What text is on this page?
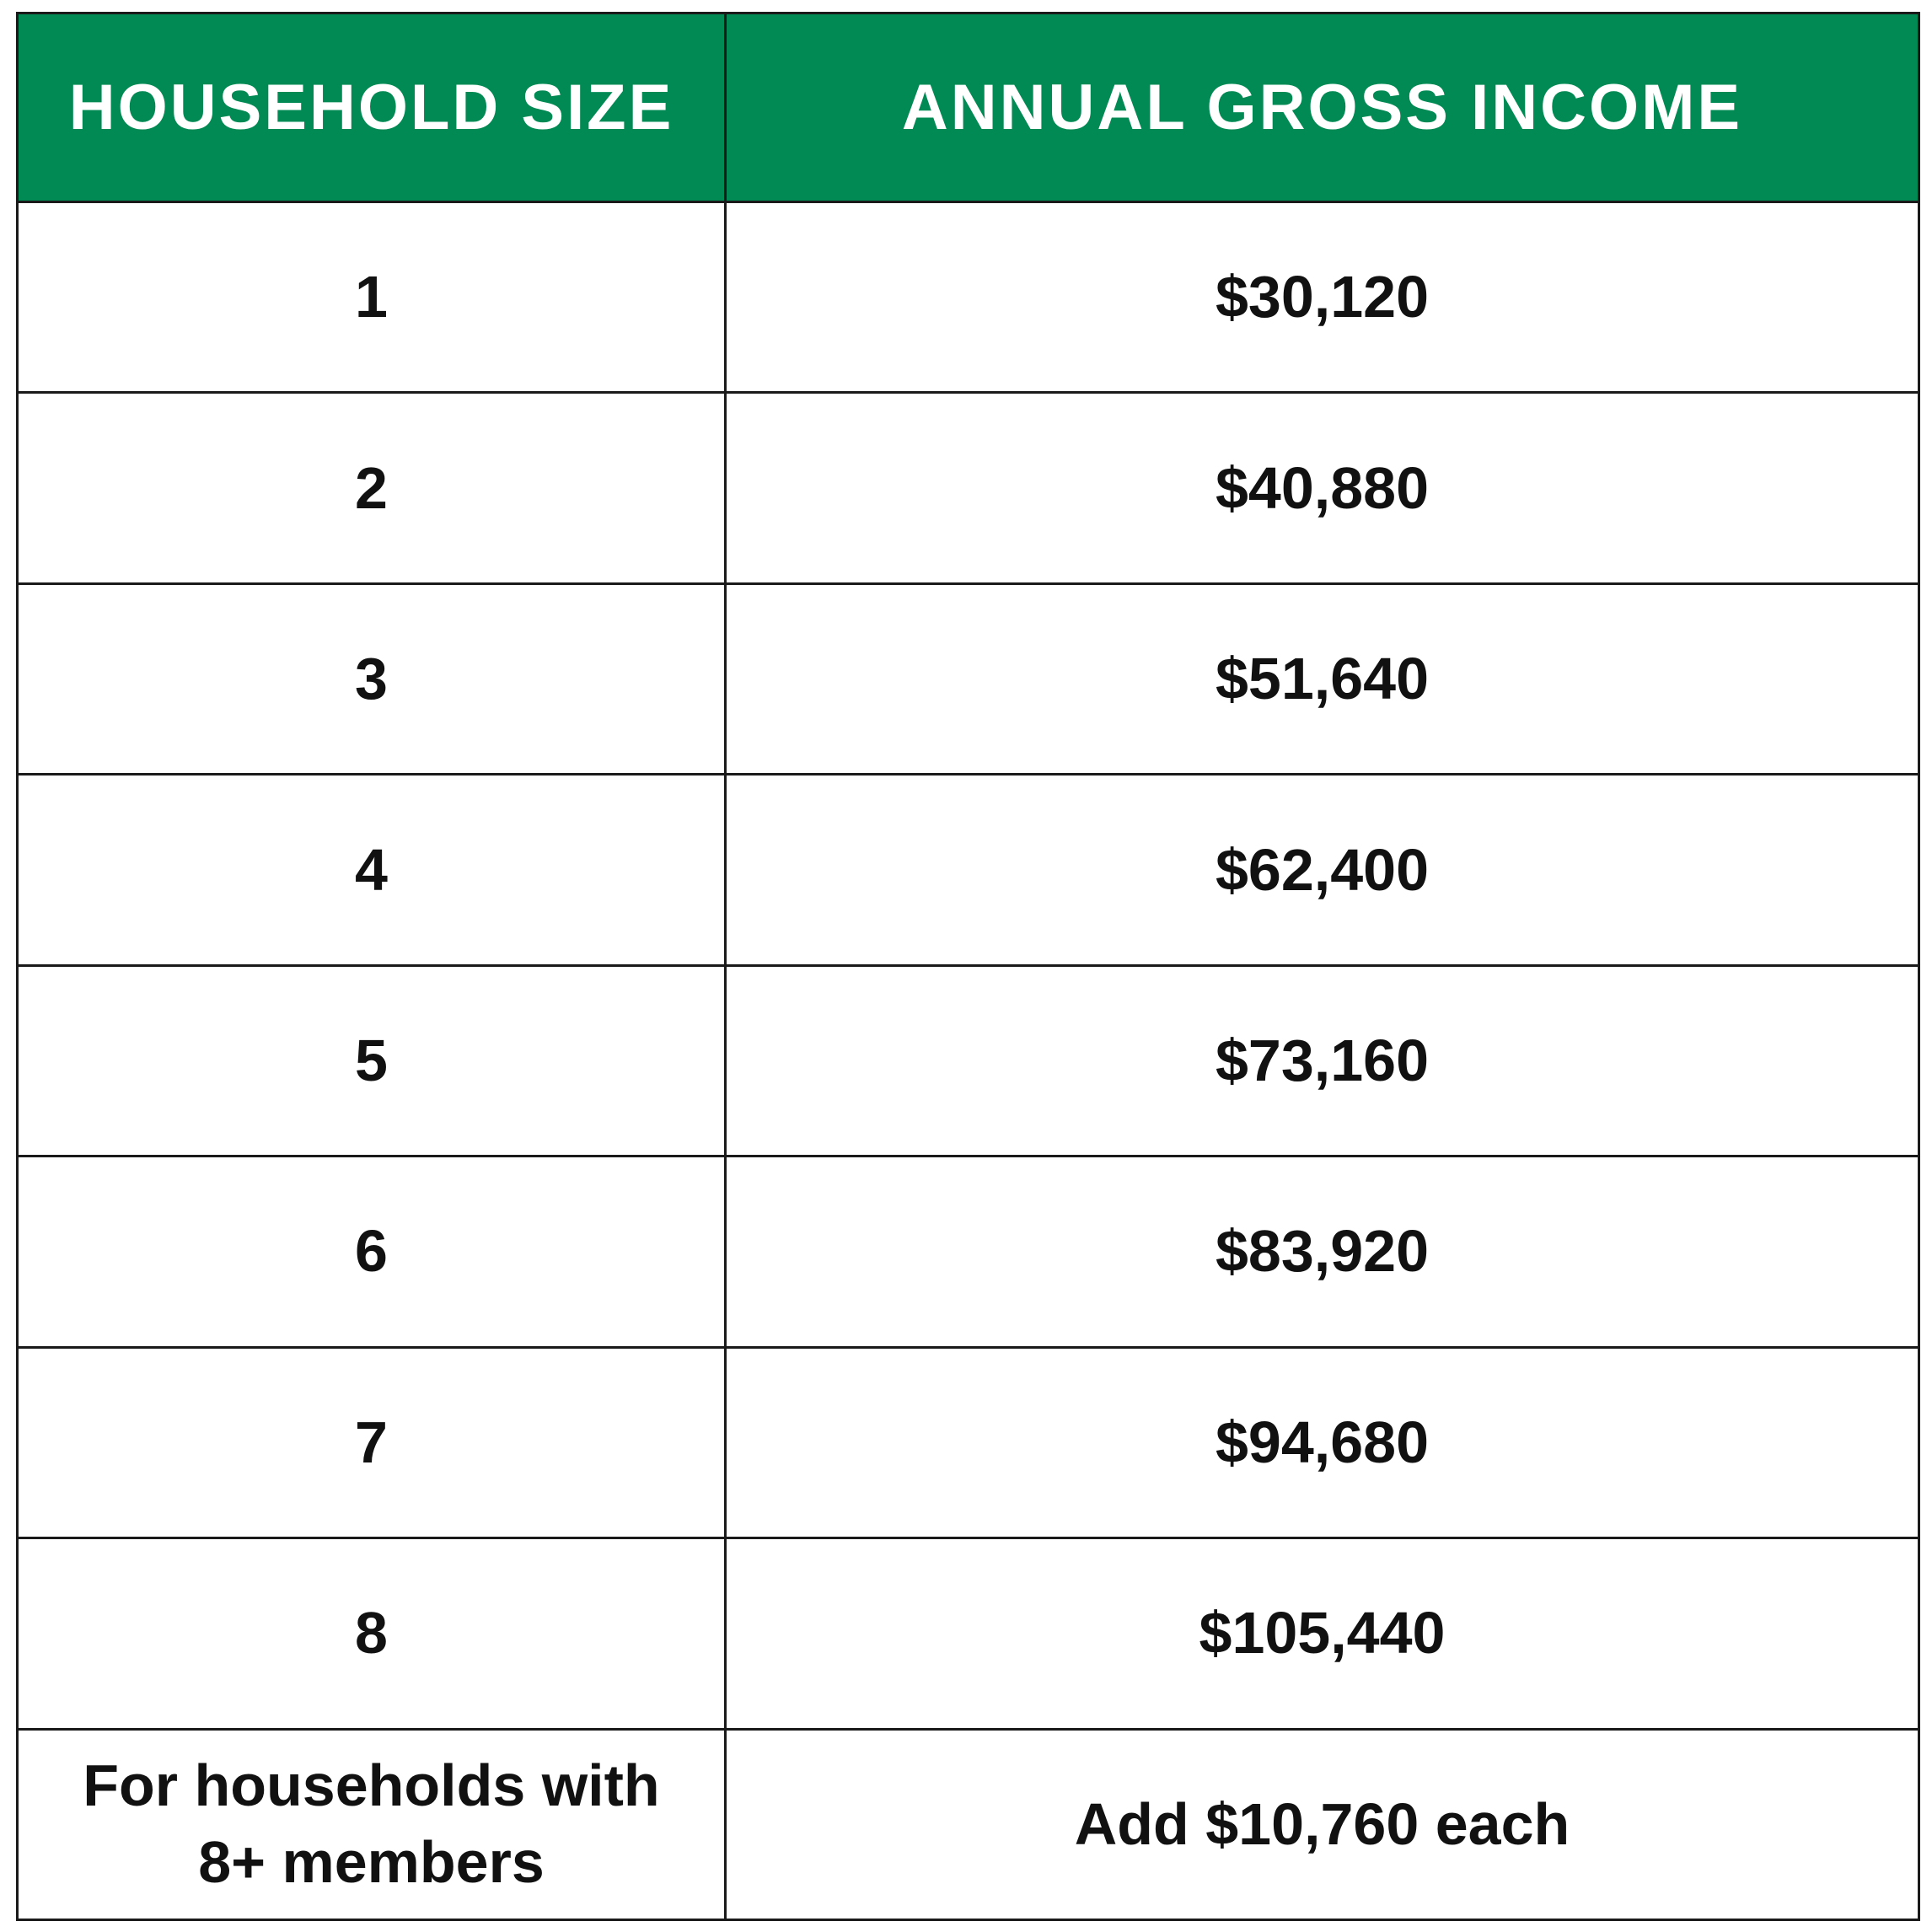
HOUSEHOLD SIZE	ANNUAL GROSS INCOME
1	$30,120
2	$40,880
3	$51,640
4	$62,400
5	$73,160
6	$83,920
7	$94,680
8	$105,440
For households with
8+ members	Add $10,760 each
